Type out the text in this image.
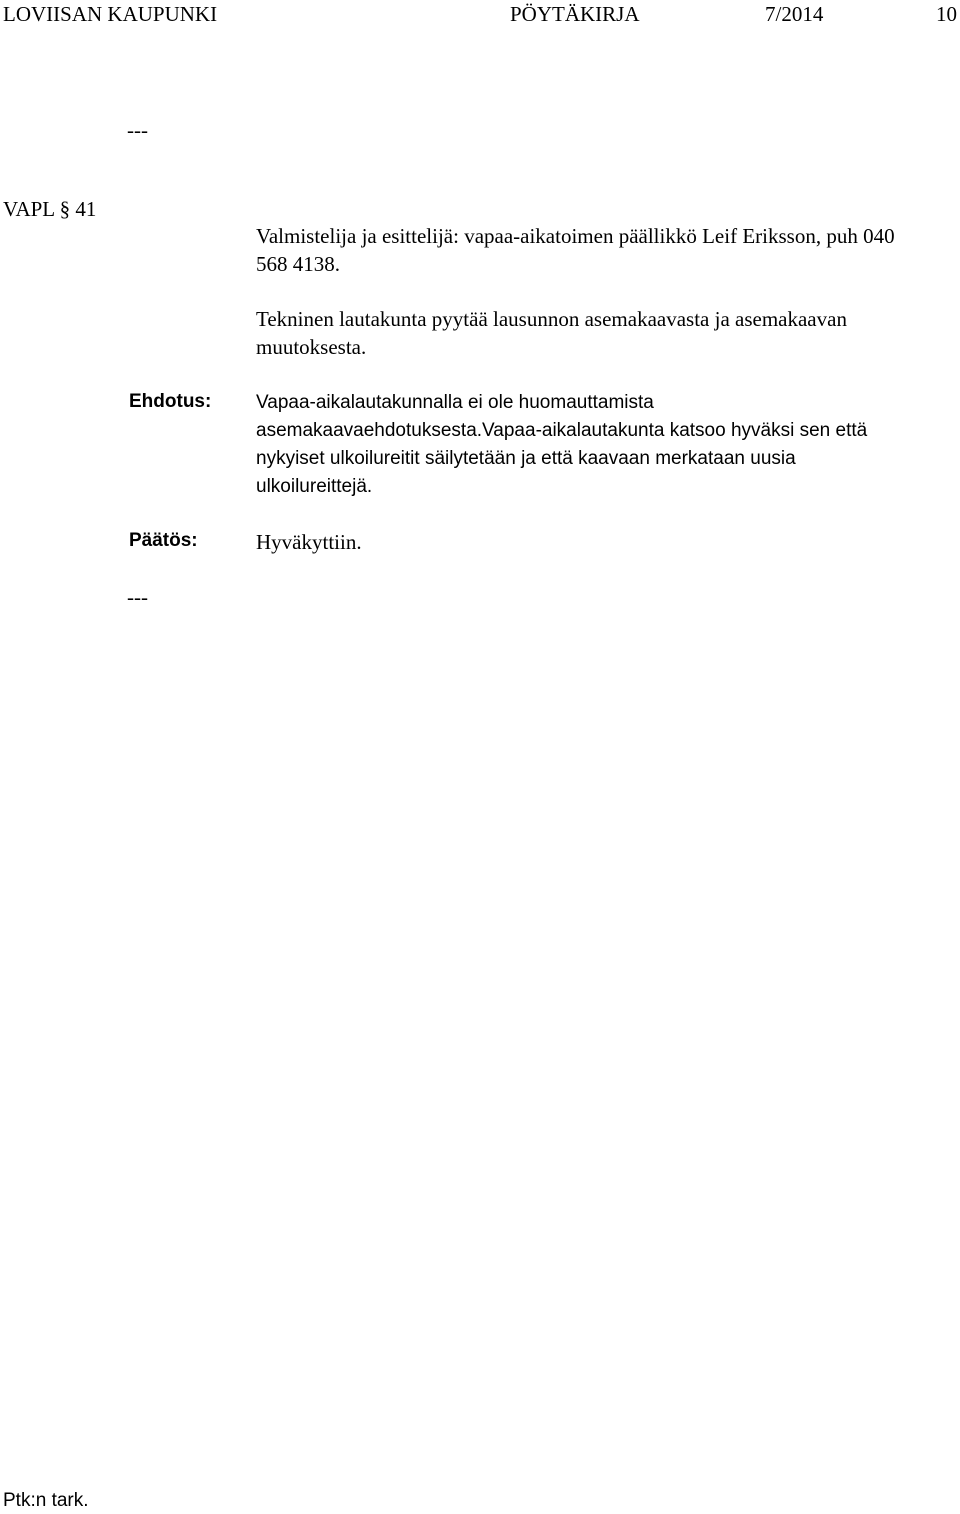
LOVIISAN KAUPUNKI	PÖYTÄKIRJA	7/2014	10
---
VAPL § 41
Valmistelija ja esittelijä: vapaa-aikatoimen päällikkö Leif Eriksson, puh 040 568 4138.
Tekninen lautakunta pyytää lausunnon asemakaavasta ja asemakaavan muutoksesta.
Ehdotus: Vapaa-aikalautakunnalla ei ole huomauttamista asemakaavaehdotuksesta.Vapaa-aikalautakunta katsoo hyväksi sen että nykyiset ulkoilureitit säilytetään ja että kaavaan merkataan uusia ulkoilureittejä.
Päätös:	Hyväkyttiin.
---
Ptk:n tark.
